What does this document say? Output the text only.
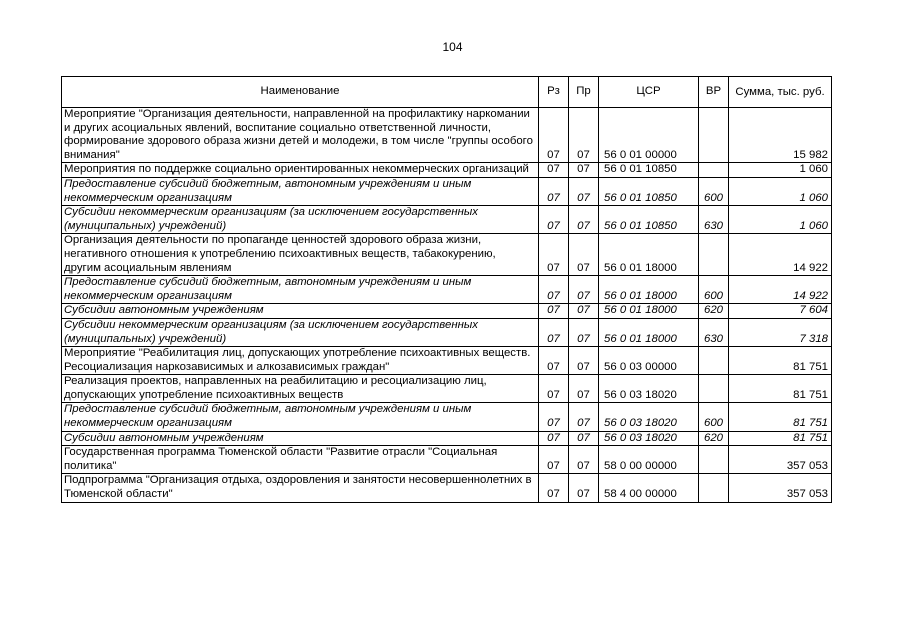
104
Наименование	Рз	Пр	ЦСР	ВР	Сумма, тыс. руб.
Мероприятие "Организация деятельности, направленной на профилактику наркомании и других асоциальных явлений, воспитание социально ответственной личности, формирование здорового образа жизни детей и молодежи, в том числе "группы особого внимания"	07	07	56 0 01 00000		15 982
Мероприятия по поддержке социально ориентированных некоммерческих организаций	07	07	56 0 01 10850		1 060
Предоставление субсидий бюджетным, автономным учреждениям и иным некоммерческим организациям	07	07	56 0 01 10850	600	1 060
Субсидии некоммерческим организациям (за исключением государственных (муниципальных) учреждений)	07	07	56 0 01 10850	630	1 060
Организация деятельности по пропаганде ценностей здорового образа жизни, негативного отношения к употреблению психоактивных веществ, табакокурению, другим асоциальным явлениям	07	07	56 0 01 18000		14 922
Предоставление субсидий бюджетным, автономным учреждениям и иным некоммерческим организациям	07	07	56 0 01 18000	600	14 922
Субсидии автономным учреждениям	07	07	56 0 01 18000	620	7 604
Субсидии некоммерческим организациям (за исключением государственных (муниципальных) учреждений)	07	07	56 0 01 18000	630	7 318
Мероприятие "Реабилитация лиц, допускающих употребление психоактивных веществ. Ресоциализация наркозависимых и алкозависимых граждан"	07	07	56 0 03 00000		81 751
Реализация проектов, направленных на реабилитацию и ресоциализацию лиц, допускающих употребление психоактивных веществ	07	07	56 0 03 18020		81 751
Предоставление субсидий бюджетным, автономным учреждениям и иным некоммерческим организациям	07	07	56 0 03 18020	600	81 751
Субсидии автономным учреждениям	07	07	56 0 03 18020	620	81 751
Государственная программа Тюменской области "Развитие отрасли "Социальная политика"	07	07	58 0 00 00000		357 053
Подпрограмма "Организация отдыха, оздоровления и занятости несовершеннолетних в Тюменской области"	07	07	58 4 00 00000		357 053
